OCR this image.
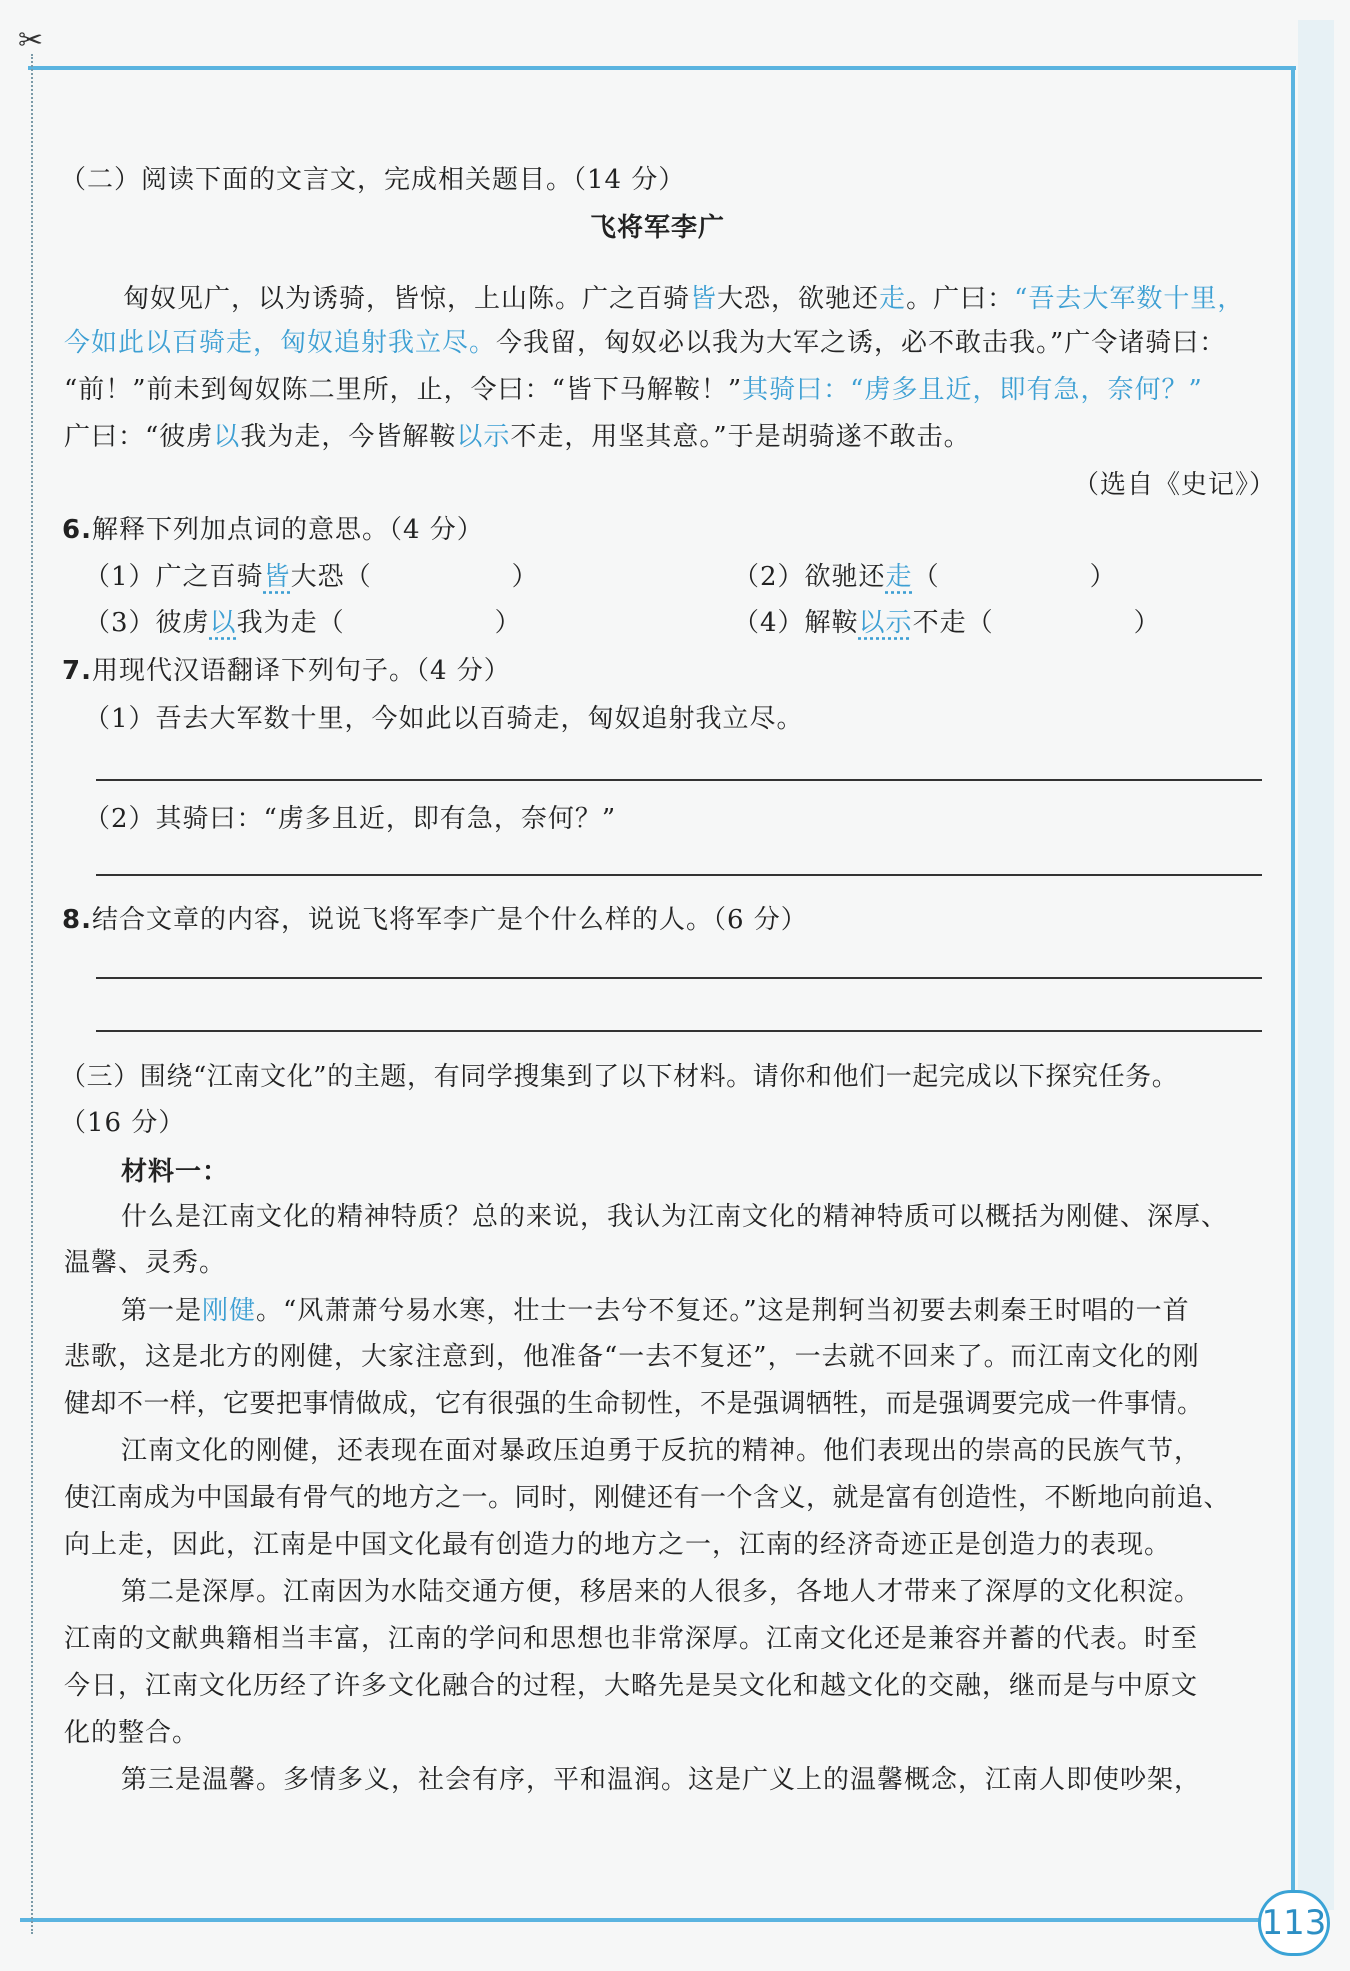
✂
（二）阅读下面的文言文，完成相关题目。（14 分）
飞将军李广
匈奴见广，以为诱骑，皆惊，上山陈。广之百骑皆大恐，欲驰还走。广曰：“吾去大军数十里，
今如此以百骑走，匈奴追射我立尽。今我留，匈奴必以我为大军之诱，必不敢击我。”广令诸骑曰：
“前！”前未到匈奴陈二里所，止，令曰：“皆下马解鞍！”其骑曰：“虏多且近，即有急，奈何？”
广曰：“彼虏以我为走，今皆解鞍以示不走，用坚其意。”于是胡骑遂不敢击。
（选自《史记》）
6.解释下列加点词的意思。（4 分）
（1）广之百骑皆大恐（	）	（2）欲驰还走（	）
（3）彼虏以我为走（	）	（4）解鞍以示不走（	）
7.用现代汉语翻译下列句子。（4 分）
（1）吾去大军数十里，今如此以百骑走，匈奴追射我立尽。
（2）其骑曰：“虏多且近，即有急，奈何？”
8.结合文章的内容，说说飞将军李广是个什么样的人。（6 分）
（三）围绕“江南文化”的主题，有同学搜集到了以下材料。请你和他们一起完成以下探究任务。
（16 分）
材料一：
什么是江南文化的精神特质？总的来说，我认为江南文化的精神特质可以概括为刚健、深厚、
温馨、灵秀。
第一是刚健。“风萧萧兮易水寒，壮士一去兮不复还。”这是荆轲当初要去刺秦王时唱的一首
悲歌，这是北方的刚健，大家注意到，他准备“一去不复还”，一去就不回来了。而江南文化的刚
健却不一样，它要把事情做成，它有很强的生命韧性，不是强调牺牲，而是强调要完成一件事情。
江南文化的刚健，还表现在面对暴政压迫勇于反抗的精神。他们表现出的崇高的民族气节，
使江南成为中国最有骨气的地方之一。同时，刚健还有一个含义，就是富有创造性，不断地向前追、
向上走，因此，江南是中国文化最有创造力的地方之一，江南的经济奇迹正是创造力的表现。
第二是深厚。江南因为水陆交通方便，移居来的人很多，各地人才带来了深厚的文化积淀。
江南的文献典籍相当丰富，江南的学问和思想也非常深厚。江南文化还是兼容并蓄的代表。时至
今日，江南文化历经了许多文化融合的过程，大略先是吴文化和越文化的交融，继而是与中原文
化的整合。
第三是温馨。多情多义，社会有序，平和温润。这是广义上的温馨概念，江南人即使吵架，
113
